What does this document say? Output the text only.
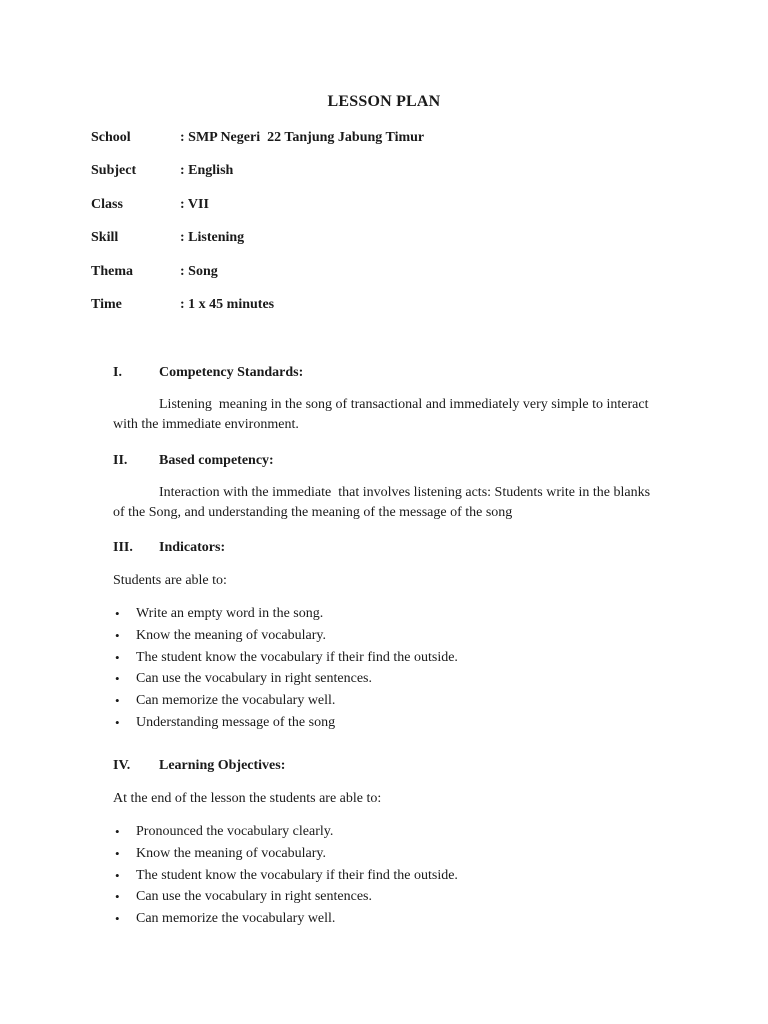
LESSON PLAN
School	: SMP Negeri  22 Tanjung Jabung Timur
Subject	: English
Class	: VII
Skill	: Listening
Thema	: Song
Time	: 1 x 45 minutes
I.	Competency Standards:
Listening  meaning in the song of transactional and immediately very simple to interact with the immediate environment.
II.	Based competency:
Interaction with the immediate  that involves listening acts: Students write in the blanks of the Song, and understanding the meaning of the message of the song
III.	Indicators:
Students are able to:
• Write an empty word in the song.
• Know the meaning of vocabulary.
• The student know the vocabulary if their find the outside.
• Can use the vocabulary in right sentences.
• Can memorize the vocabulary well.
• Understanding message of the song
IV.	Learning Objectives:
At the end of the lesson the students are able to:
• Pronounced the vocabulary clearly.
• Know the meaning of vocabulary.
• The student know the vocabulary if their find the outside.
• Can use the vocabulary in right sentences.
• Can memorize the vocabulary well.
